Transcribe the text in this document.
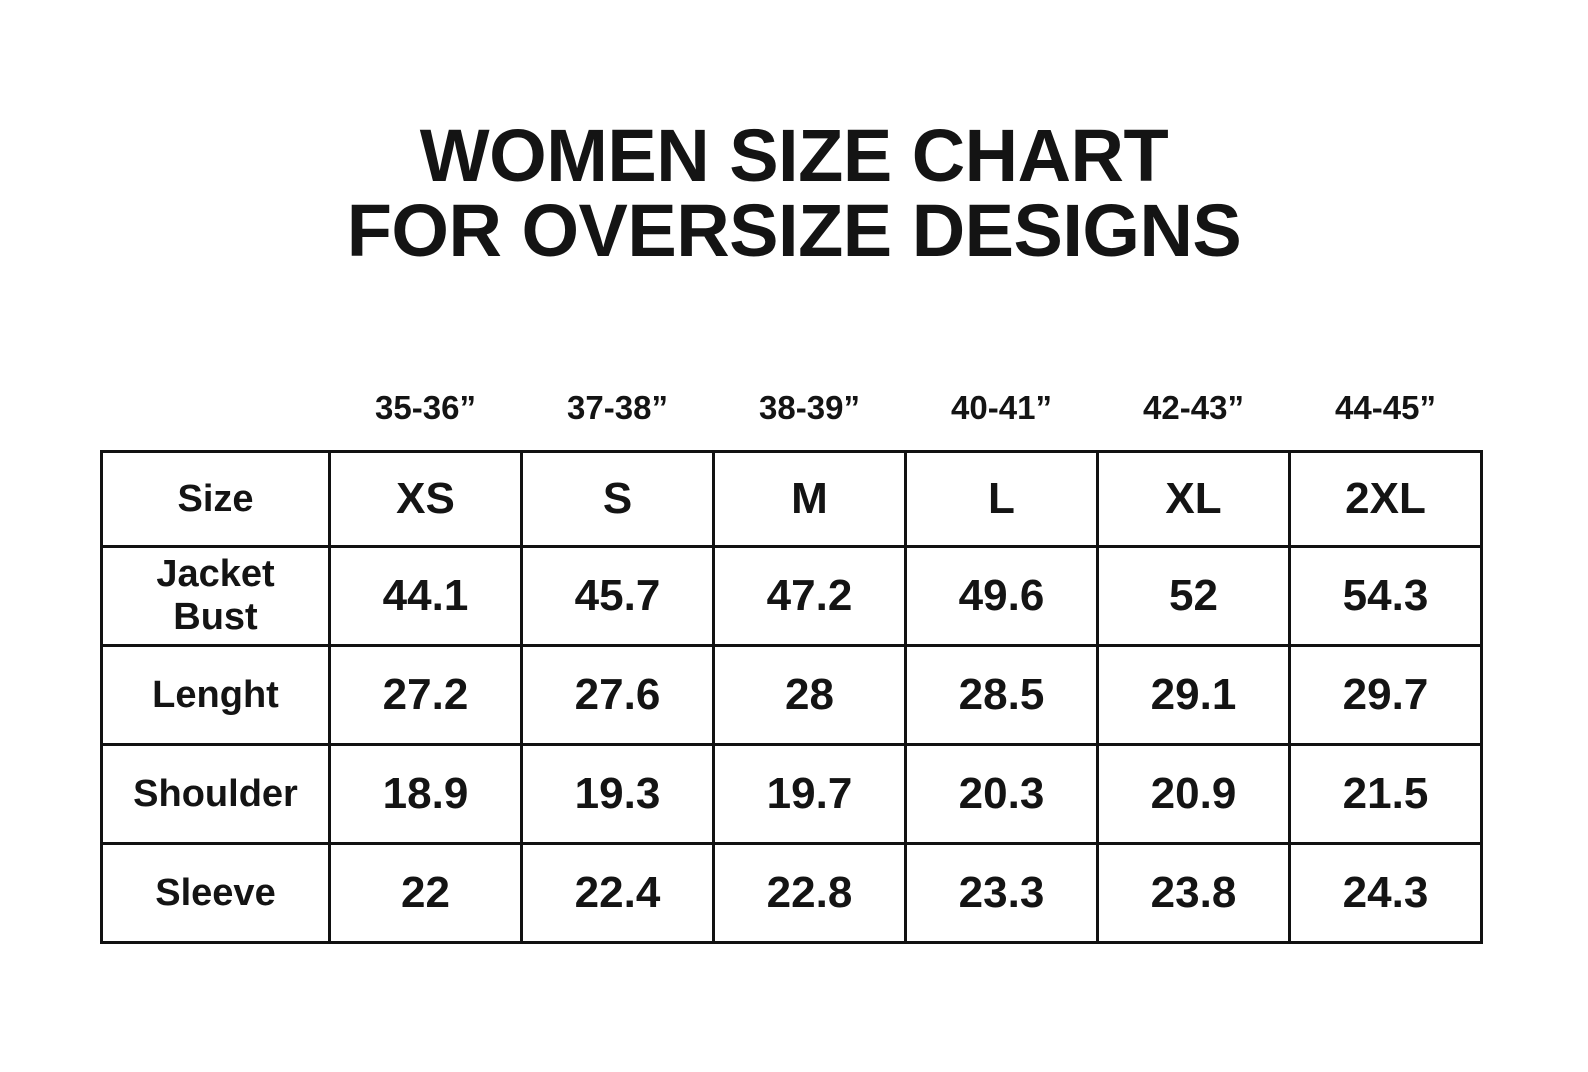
WOMEN SIZE CHART
FOR OVERSIZE DESIGNS
	35-36”	37-38”	38-39”	40-41”	42-43”	44-45”
Size	XS	S	M	L	XL	2XL

Jacket
Bust	44.1	45.7	47.2	49.6	52	54.3
Lenght	27.2	27.6	28	28.5	29.1	29.7
Shoulder	18.9	19.3	19.7	20.3	20.9	21.5
Sleeve	22	22.4	22.8	23.3	23.8	24.3
